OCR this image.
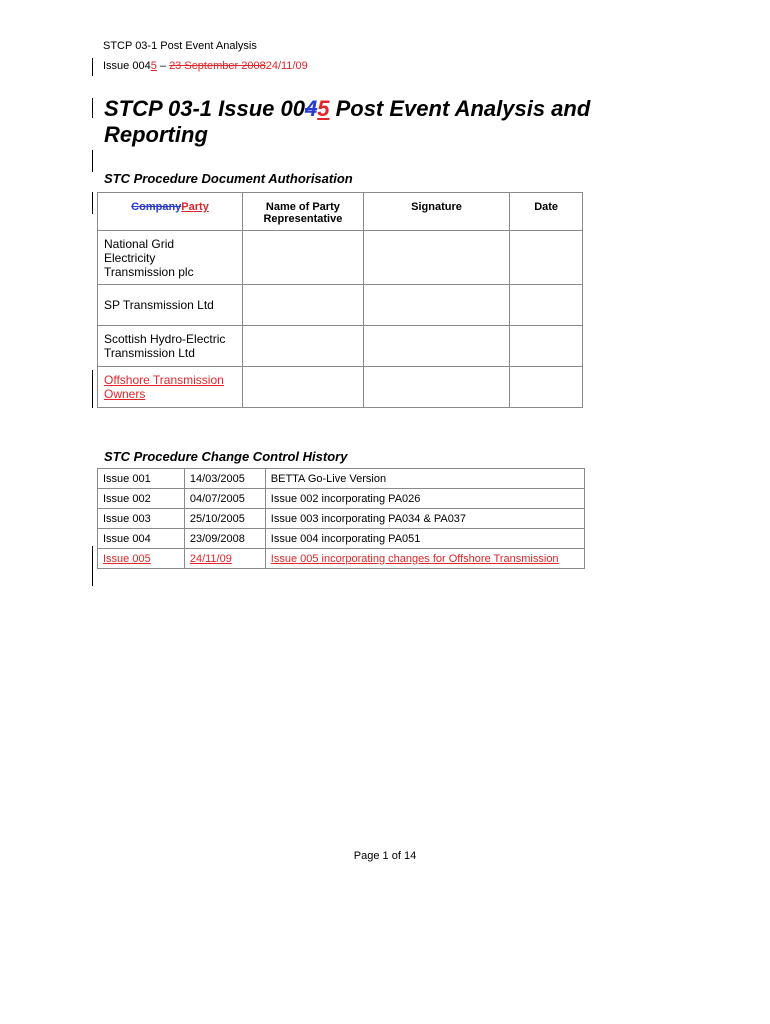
STCP 03-1 Post Event Analysis
Issue 0045 – 23 September 200824/11/09
STCP 03-1 Issue 0045 Post Event Analysis and Reporting
STC Procedure Document Authorisation
CompanyParty	Name of Party Representative	Signature	Date

National Grid Electricity Transmission plc			

SP Transmission Ltd			

Scottish Hydro-Electric Transmission Ltd			

Offshore Transmission Owners			

STC Procedure Change Control History
Issue 001	14/03/2005	BETTA Go-Live Version
Issue 002	04/07/2005	Issue 002 incorporating PA026
Issue 003	25/10/2005	Issue 003 incorporating PA034 & PA037
Issue 004	23/09/2008	Issue 004 incorporating PA051
Issue 005	24/11/09	Issue 005 incorporating changes for Offshore Transmission
Page 1 of 14
